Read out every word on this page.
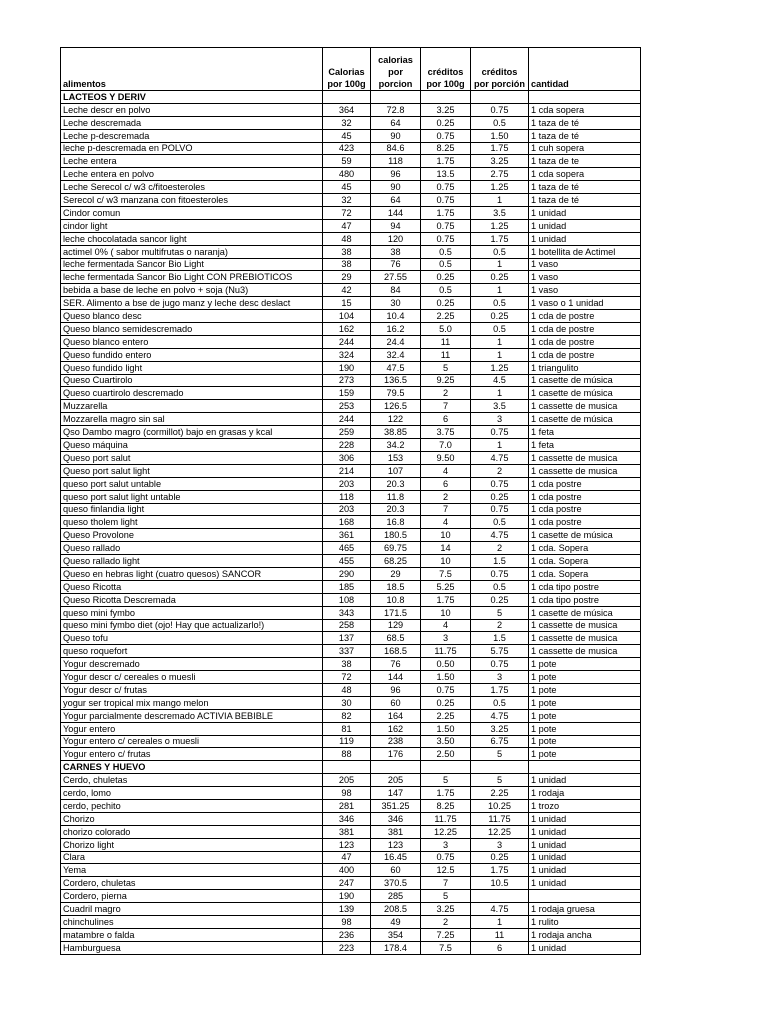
alimentos	Calorias por 100g	calorias por porcion	créditos por 100g	créditos por porción	cantidad
LACTEOS Y DERIV					
Leche descr en polvo	364	72.8	3.25	0.75	1 cda sopera
Leche descremada	32	64	0.25	0.5	1 taza de té
Leche p-descremada	45	90	0.75	1.50	1 taza de té
leche p-descremada en POLVO	423	84.6	8.25	1.75	1 cuh sopera
Leche entera	59	118	1.75	3.25	1 taza de te
Leche entera en polvo	480	96	13.5	2.75	1 cda sopera
Leche Serecol c/ w3 c/fitoesteroles	45	90	0.75	1.25	1 taza de té
Serecol c/ w3 manzana con fitoesteroles	32	64	0.75	1	1 taza de té
Cindor comun	72	144	1.75	3.5	1 unidad
cindor light	47	94	0.75	1.25	1 unidad
leche chocolatada sancor light	48	120	0.75	1.75	1 unidad
actimel 0% ( sabor multifrutas o naranja)	38	38	0.5	0.5	1 botellita de Actimel
leche fermentada Sancor Bio Light	38	76	0.5	1	1 vaso
leche fermentada Sancor Bio Light CON PREBIOTICOS	29	27.55	0.25	0.25	1 vaso
bebida a base de leche en polvo + soja (Nu3)	42	84	0.5	1	1 vaso
SER. Alimento a bse de jugo manz y leche desc deslact	15	30	0.25	0.5	1 vaso o 1 unidad
Queso blanco desc	104	10.4	2.25	0.25	1 cda de postre
Queso blanco semidescremado	162	16.2	5.0	0.5	1 cda de postre
Queso blanco entero	244	24.4	11	1	1 cda de postre
Queso fundido entero	324	32.4	11	1	1 cda de postre
Queso fundido light	190	47.5	5	1.25	1 triangulito
Queso Cuartirolo	273	136.5	9.25	4.5	1 casette de música
Queso cuartirolo descremado	159	79.5	2	1	1 casette de música
Muzzarella	253	126.5	7	3.5	1 cassette de musica
Mozzarella magro sin sal	244	122	6	3	1 casette de música
Qso Dambo magro (cormillot) bajo en grasas y kcal	259	38.85	3.75	0.75	1 feta
Queso máquina	228	34.2	7.0	1	1 feta
Queso port salut	306	153	9.50	4.75	1 cassette de musica
Queso port salut light	214	107	4	2	1 cassette de musica
queso port salut untable	203	20.3	6	0.75	1 cda postre
queso port salut light untable	118	11.8	2	0.25	1 cda postre
queso finlandia light	203	20.3	7	0.75	1 cda postre
queso tholem light	168	16.8	4	0.5	1 cda postre
Queso Provolone	361	180.5	10	4.75	1 casette de música
Queso rallado	465	69.75	14	2	1 cda. Sopera
Queso rallado light	455	68.25	10	1.5	1 cda. Sopera
Queso en hebras light (cuatro quesos) SANCOR	290	29	7.5	0.75	1 cda. Sopera
Queso Ricotta	185	18.5	5.25	0.5	1 cda tipo postre
Queso Ricotta Descremada	108	10.8	1.75	0.25	1 cda tipo postre
queso mini fymbo	343	171.5	10	5	1 casette de música
queso mini fymbo diet (ojo! Hay que actualizarlo!)	258	129	4	2	1 cassette de musica
Queso tofu	137	68.5	3	1.5	1 cassette de musica
queso roquefort	337	168.5	11.75	5.75	1 cassette de musica
Yogur descremado	38	76	0.50	0.75	1 pote
Yogur descr c/ cereales o muesli	72	144	1.50	3	1 pote
Yogur descr c/ frutas	48	96	0.75	1.75	1 pote
yogur ser tropical mix mango melon	30	60	0.25	0.5	1 pote
Yogur parcialmente descremado ACTIVIA BEBIBLE	82	164	2.25	4.75	1 pote
Yogur entero	81	162	1.50	3.25	1 pote
Yogur entero c/ cereales o muesli	119	238	3.50	6.75	1 pote
Yogur entero c/ frutas	88	176	2.50	5	1 pote
CARNES Y HUEVO					
Cerdo, chuletas	205	205	5	5	1 unidad
cerdo, lomo	98	147	1.75	2.25	1 rodaja
cerdo, pechito	281	351.25	8.25	10.25	1 trozo
Chorizo	346	346	11.75	11.75	1 unidad
chorizo colorado	381	381	12.25	12.25	1 unidad
Chorizo light	123	123	3	3	1 unidad
Clara	47	16.45	0.75	0.25	1 unidad
Yema	400	60	12.5	1.75	1 unidad
Cordero, chuletas	247	370.5	7	10.5	1 unidad
Cordero, pierna	190	285	5		
Cuadril magro	139	208.5	3.25	4.75	1 rodaja gruesa
chinchulines	98	49	2	1	1 rulito
matambre o falda	236	354	7.25	11	1 rodaja ancha
Hamburguesa	223	178.4	7.5	6	1 unidad
